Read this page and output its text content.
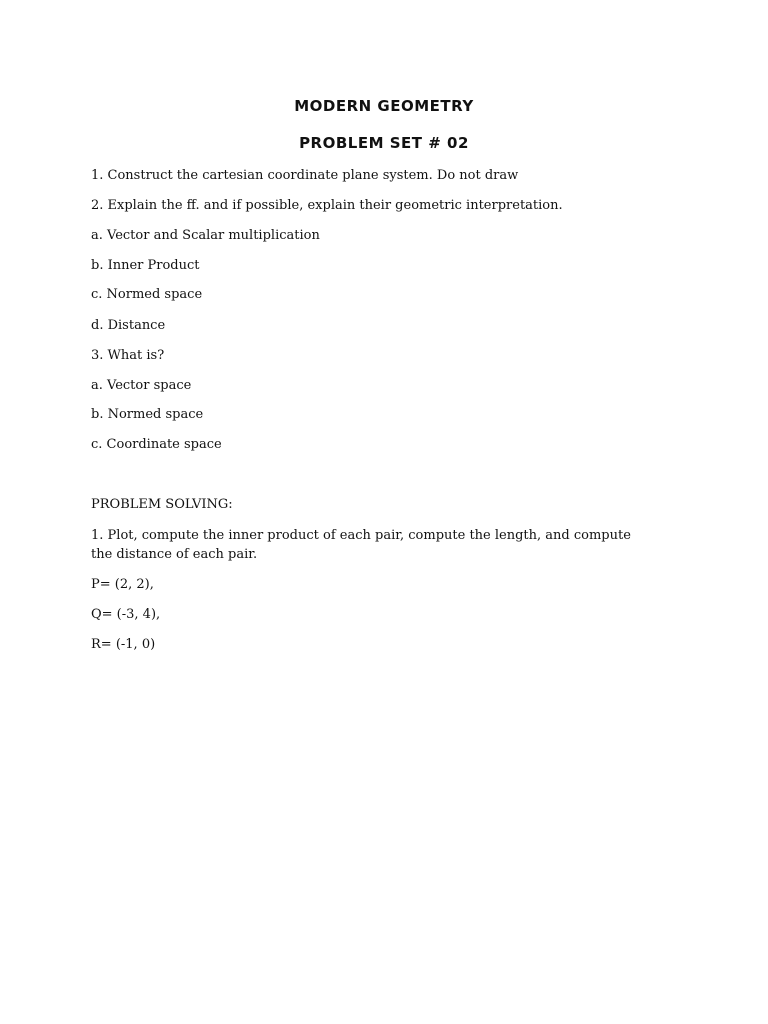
MODERN GEOMETRY
PROBLEM SET # 02
1. Construct the cartesian coordinate plane system. Do not draw
2. Explain the ff. and if possible, explain their geometric interpretation.
a. Vector and Scalar multiplication
b. Inner Product
c. Normed space
d. Distance
3. What is?
a. Vector space
b. Normed space
c. Coordinate space
PROBLEM SOLVING:
1. Plot, compute the inner product of each pair, compute the length, and compute the distance of each pair.
P= (2, 2),
Q= (-3, 4),
R= (-1, 0)
